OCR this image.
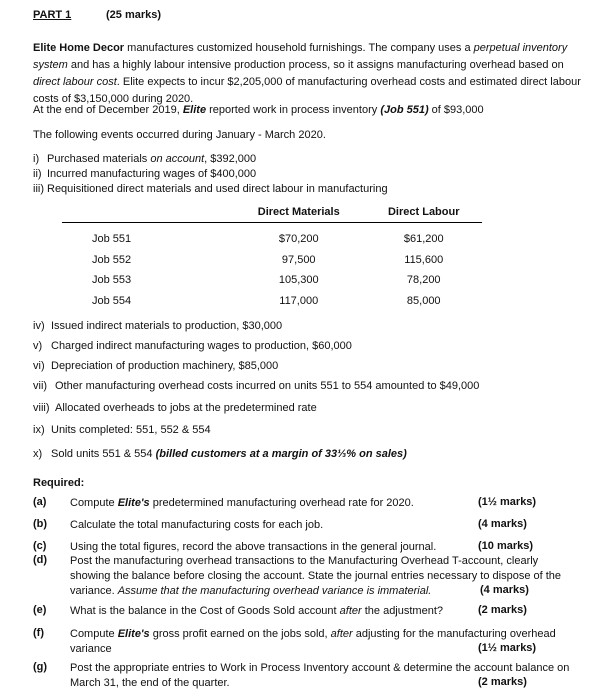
PART 1	(25 marks)
Elite Home Decor manufactures customized household furnishings. The company uses a perpetual inventory system and has a highly labour intensive production process, so it assigns manufacturing overhead based on direct labour cost. Elite expects to incur $2,205,000 of manufacturing overhead costs and estimated direct labour costs of $3,150,000 during 2020.
At the end of December 2019, Elite reported work in process inventory (Job 551) of $93,000
The following events occurred during January - March 2020.
i) Purchased materials on account, $392,000
ii) Incurred manufacturing wages of $400,000
iii) Requisitioned direct materials and used direct labour in manufacturing
	Direct Materials	Direct Labour

Job 551	$70,200	$61,200
Job 552	97,500	115,600
Job 553	105,300	78,200
Job 554	117,000	85,000
iv) Issued indirect materials to production, $30,000
v) Charged indirect manufacturing wages to production, $60,000
vi) Depreciation of production machinery, $85,000
vii) Other manufacturing overhead costs incurred on units 551 to 554 amounted to $49,000
viii) Allocated overheads to jobs at the predetermined rate
ix) Units completed: 551, 552 & 554
x) Sold units 551 & 554 (billed customers at a margin of 33⅓% on sales)
Required:
(a) Compute Elite's predetermined manufacturing overhead rate for 2020.	(1½ marks)
(b) Calculate the total manufacturing costs for each job.	(4 marks)
(c) Using the total figures, record the above transactions in the general journal.	(10 marks)
(d) Post the manufacturing overhead transactions to the Manufacturing Overhead T-account, clearly showing the balance before closing the account. State the journal entries necessary to dispose of the variance. Assume that the manufacturing overhead variance is immaterial.	(4 marks)
(e) What is the balance in the Cost of Goods Sold account after the adjustment?	(2 marks)
(f) Compute Elite's gross profit earned on the jobs sold, after adjusting for the manufacturing overhead variance	(1½ marks)
(g) Post the appropriate entries to Work in Process Inventory account & determine the account balance on March 31, the end of the quarter.	(2 marks)
